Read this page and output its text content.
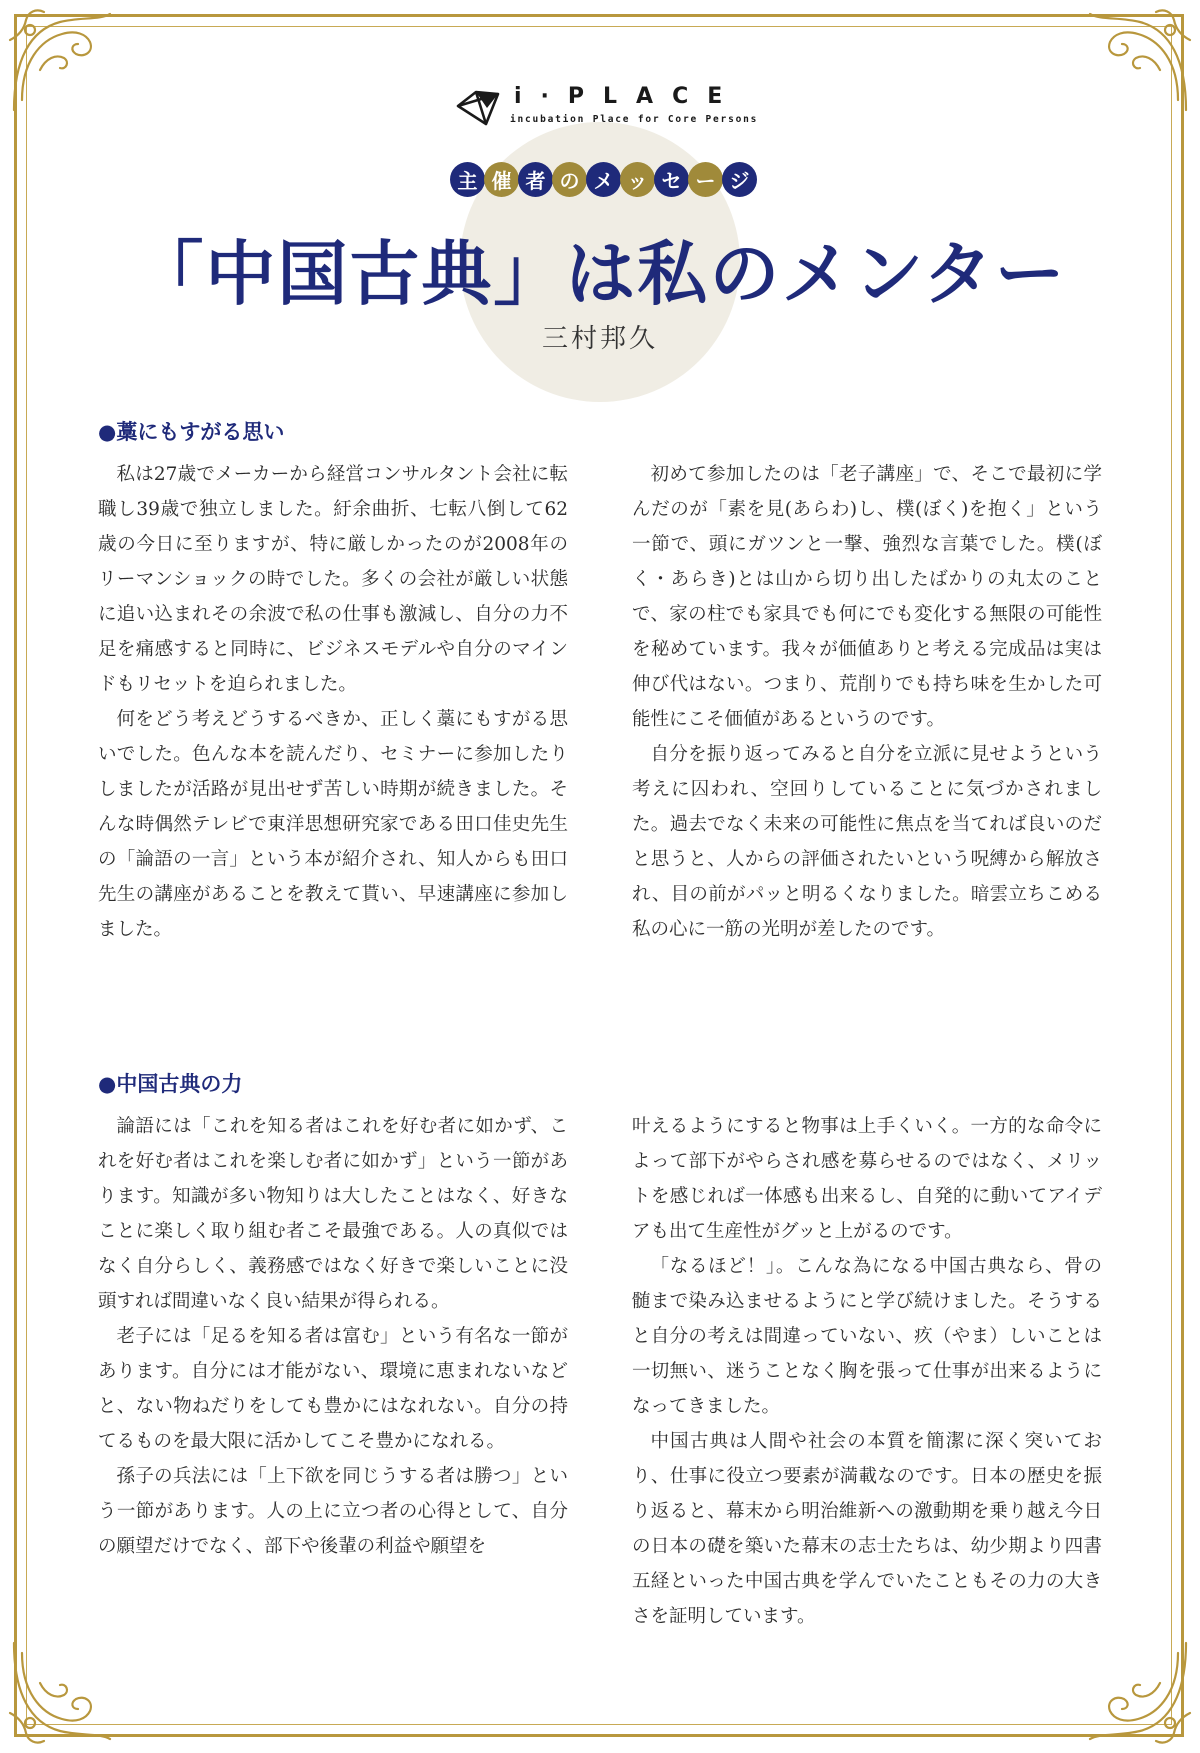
i·PLACE
incubation Place for Core Persons
主 催 者 の メ ッ セ ー ジ
「中国古典」は私のメンター
三村邦久
●藁にもすがる思い

私は27歳でメーカーから経営コンサルタント会社に転職し39歳で独立しました。紆余曲折、七転八倒して62歳の今日に至りますが、特に厳しかったのが2008年のリーマンショックの時でした。多くの会社が厳しい状態に追い込まれその余波で私の仕事も激減し、自分の力不足を痛感すると同時に、ビジネスモデルや自分のマインドもリセットを迫られました。

何をどう考えどうするべきか、正しく藁にもすがる思いでした。色んな本を読んだり、セミナーに参加したりしましたが活路が見出せず苦しい時期が続きました。そんな時偶然テレビで東洋思想研究家である田口佳史先生の「論語の一言」という本が紹介され、知人からも田口先生の講座があることを教えて貰い、早速講座に参加しました。

初めて参加したのは「老子講座」で、そこで最初に学んだのが「素を見(あらわ)し、樸(ぼく)を抱く」という一節で、頭にガツンと一撃、強烈な言葉でした。樸(ぼく・あらき)とは山から切り出したばかりの丸太のことで、家の柱でも家具でも何にでも変化する無限の可能性を秘めています。我々が価値ありと考える完成品は実は伸び代はない。つまり、荒削りでも持ち味を生かした可能性にこそ価値があるというのです。

自分を振り返ってみると自分を立派に見せようという考えに囚われ、空回りしていることに気づかされました。過去でなく未来の可能性に焦点を当てれば良いのだと思うと、人からの評価されたいという呪縛から解放され、目の前がパッと明るくなりました。暗雲立ちこめる私の心に一筋の光明が差したのです。

●中国古典の力

論語には「これを知る者はこれを好む者に如かず、これを好む者はこれを楽しむ者に如かず」という一節があります。知識が多い物知りは大したことはなく、好きなことに楽しく取り組む者こそ最強である。人の真似ではなく自分らしく、義務感ではなく好きで楽しいことに没頭すれば間違いなく良い結果が得られる。

老子には「足るを知る者は富む」という有名な一節があります。自分には才能がない、環境に恵まれないなどと、ない物ねだりをしても豊かにはなれない。自分の持てるものを最大限に活かしてこそ豊かになれる。

孫子の兵法には「上下欲を同じうする者は勝つ」という一節があります。人の上に立つ者の心得として、自分の願望だけでなく、部下や後輩の利益や願望を

叶えるようにすると物事は上手くいく。一方的な命令によって部下がやらされ感を募らせるのではなく、メリットを感じれば一体感も出来るし、自発的に動いてアイデアも出て生産性がグッと上がるのです。

「なるほど！」。こんな為になる中国古典なら、骨の髄まで染み込ませるようにと学び続けました。そうすると自分の考えは間違っていない、疚（やま）しいことは一切無い、迷うことなく胸を張って仕事が出来るようになってきました。

中国古典は人間や社会の本質を簡潔に深く突いており、仕事に役立つ要素が満載なのです。日本の歴史を振り返ると、幕末から明治維新への激動期を乗り越え今日の日本の礎を築いた幕末の志士たちは、幼少期より四書五経といった中国古典を学んでいたこともその力の大きさを証明しています。
